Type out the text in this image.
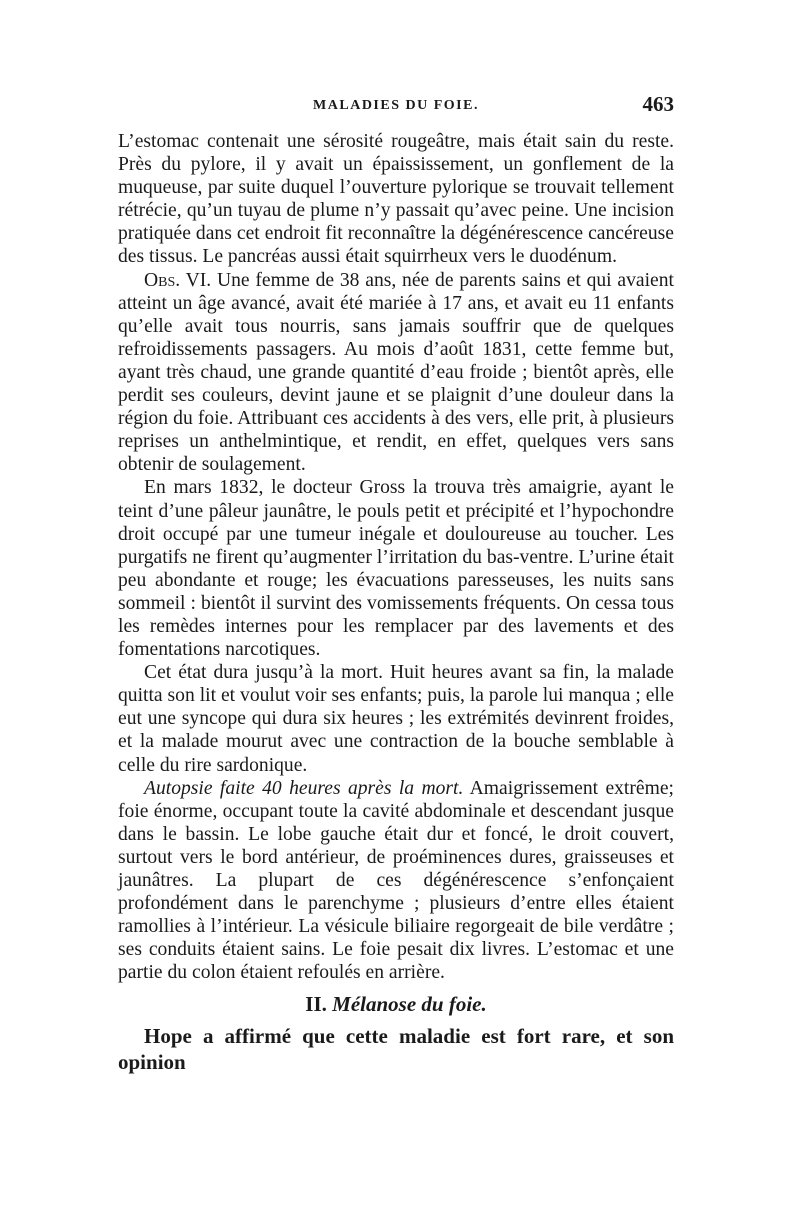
MALADIES DU FOIE.	463

L’estomac contenait une sérosité rougeâtre, mais était sain du reste. Près du pylore, il y avait un épaississement, un gonflement de la muqueuse, par suite duquel l’ouverture pylorique se trouvait tellement rétrécie, qu’un tuyau de plume n’y passait qu’avec peine. Une incision pratiquée dans cet endroit fit reconnaître la dégénérescence cancéreuse des tissus. Le pancréas aussi était squirrheux vers le duodénum.

Obs. VI. Une femme de 38 ans, née de parents sains et qui avaient atteint un âge avancé, avait été mariée à 17 ans, et avait eu 11 enfants qu’elle avait tous nourris, sans jamais souffrir que de quelques refroidissements passagers. Au mois d’août 1831, cette femme but, ayant très chaud, une grande quantité d’eau froide ; bientôt après, elle perdit ses couleurs, devint jaune et se plaignit d’une douleur dans la région du foie. Attribuant ces accidents à des vers, elle prit, à plusieurs reprises un anthelmintique, et rendit, en effet, quelques vers sans obtenir de soulagement.

En mars 1832, le docteur Gross la trouva très amaigrie, ayant le teint d’une pâleur jaunâtre, le pouls petit et précipité et l’hypochondre droit occupé par une tumeur inégale et douloureuse au toucher. Les purgatifs ne firent qu’augmenter l’irritation du bas-ventre. L’urine était peu abondante et rouge; les évacuations paresseuses, les nuits sans sommeil : bientôt il survint des vomissements fréquents. On cessa tous les remèdes internes pour les remplacer par des lavements et des fomentations narcotiques.

Cet état dura jusqu’à la mort. Huit heures avant sa fin, la malade quitta son lit et voulut voir ses enfants; puis, la parole lui manqua ; elle eut une syncope qui dura six heures ; les extrémités devinrent froides, et la malade mourut avec une contraction de la bouche semblable à celle du rire sardonique.

Autopsie faite 40 heures après la mort. Amaigrissement extrême; foie énorme, occupant toute la cavité abdominale et descendant jusque dans le bassin. Le lobe gauche était dur et foncé, le droit couvert, surtout vers le bord antérieur, de proéminences dures, graisseuses et jaunâtres. La plupart de ces dégénérescence s’enfonçaient profondément dans le parenchyme ; plusieurs d’entre elles étaient ramollies à l’intérieur. La vésicule biliaire regorgeait de bile verdâtre ; ses conduits étaient sains. Le foie pesait dix livres. L’estomac et une partie du colon étaient refoulés en arrière.

II. Mélanose du foie.
Hope a affirmé que cette maladie est fort rare, et son opinion
